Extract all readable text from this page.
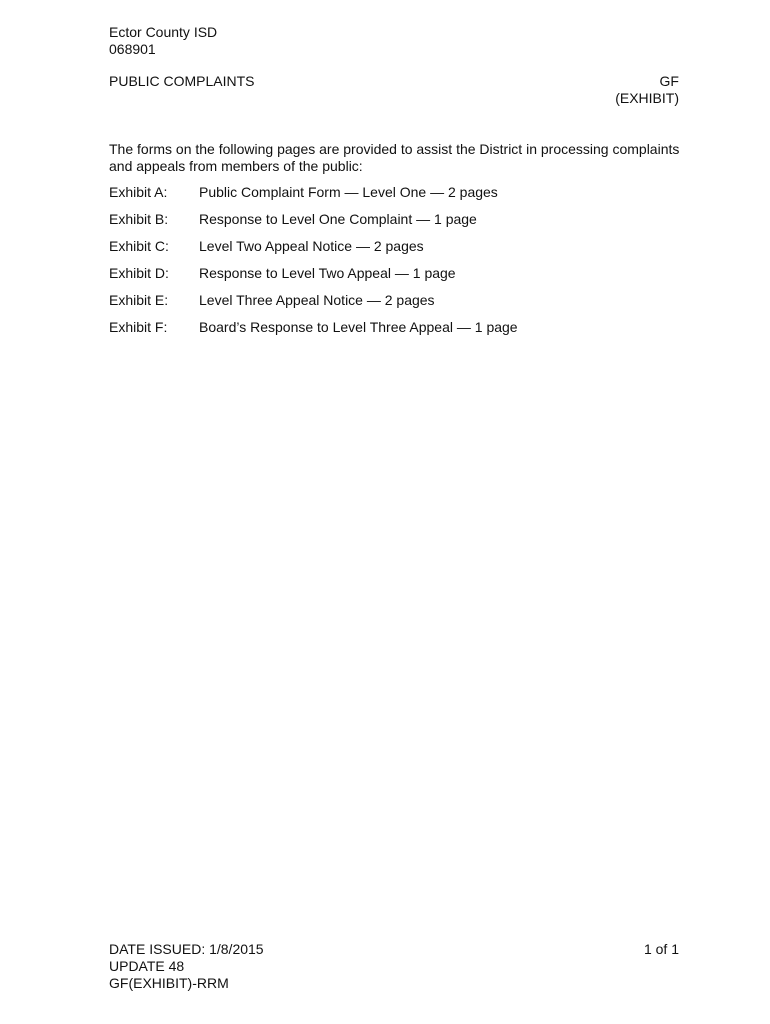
Ector County ISD
068901
PUBLIC COMPLAINTS	GF
(EXHIBIT)
The forms on the following pages are provided to assist the District in processing complaints and appeals from members of the public:
Exhibit A:	Public Complaint Form — Level One — 2 pages
Exhibit B:	Response to Level One Complaint — 1 page
Exhibit C:	Level Two Appeal Notice — 2 pages
Exhibit D:	Response to Level Two Appeal — 1 page
Exhibit E:	Level Three Appeal Notice — 2 pages
Exhibit F:	Board’s Response to Level Three Appeal — 1 page
DATE ISSUED: 1/8/2015
UPDATE 48
GF(EXHIBIT)-RRM
1 of 1
